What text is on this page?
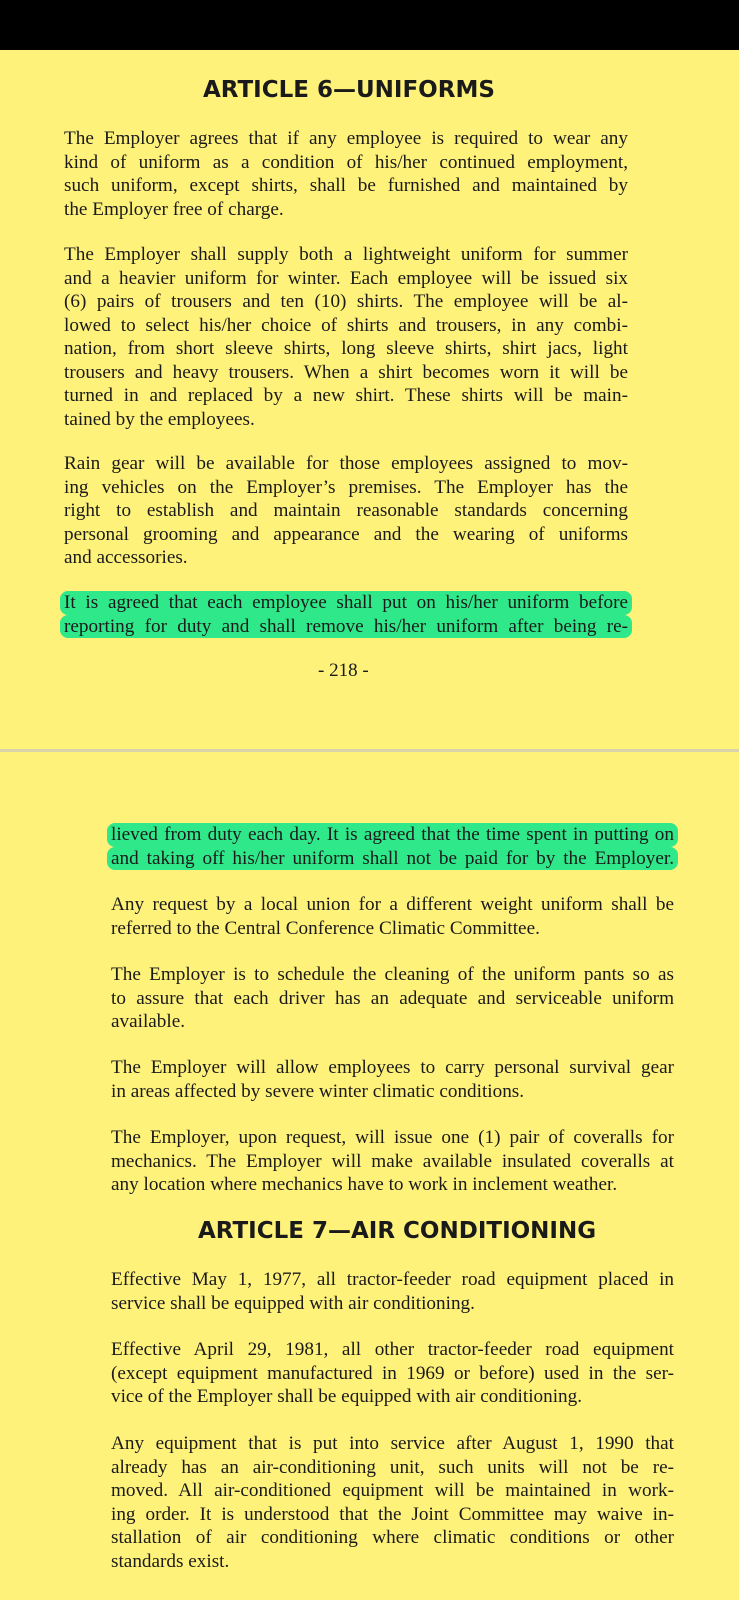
ARTICLE 6—UNIFORMS
The Employer agrees that if any employee is required to wear any
kind of uniform as a condition of his/her continued employment,
such uniform, except shirts, shall be furnished and maintained by
the Employer free of charge.
The Employer shall supply both a lightweight uniform for summer
and a heavier uniform for winter. Each employee will be issued six
(6) pairs of trousers and ten (10) shirts. The employee will be al-
lowed to select his/her choice of shirts and trousers, in any combi-
nation, from short sleeve shirts, long sleeve shirts, shirt jacs, light
trousers and heavy trousers. When a shirt becomes worn it will be
turned in and replaced by a new shirt. These shirts will be main-
tained by the employees.
Rain gear will be available for those employees assigned to mov-
ing vehicles on the Employer’s premises. The Employer has the
right to establish and maintain reasonable standards concerning
personal grooming and appearance and the wearing of uniforms
and accessories.
It is agreed that each employee shall put on his/her uniform before
reporting for duty and shall remove his/her uniform after being re-
- 218 -
lieved from duty each day. It is agreed that the time spent in putting on
and taking off his/her uniform shall not be paid for by the Employer.
Any request by a local union for a different weight uniform shall be
referred to the Central Conference Climatic Committee.
The Employer is to schedule the cleaning of the uniform pants so as
to assure that each driver has an adequate and serviceable uniform
available.
The Employer will allow employees to carry personal survival gear
in areas affected by severe winter climatic conditions.
The Employer, upon request, will issue one (1) pair of coveralls for
mechanics. The Employer will make available insulated coveralls at
any location where mechanics have to work in inclement weather.
ARTICLE 7—AIR CONDITIONING
Effective May 1, 1977, all tractor-feeder road equipment placed in
service shall be equipped with air conditioning.
Effective April 29, 1981, all other tractor-feeder road equipment
(except equipment manufactured in 1969 or before) used in the ser-
vice of the Employer shall be equipped with air conditioning.
Any equipment that is put into service after August 1, 1990 that
already has an air-conditioning unit, such units will not be re-
moved. All air-conditioned equipment will be maintained in work-
ing order. It is understood that the Joint Committee may waive in-
stallation of air conditioning where climatic conditions or other
standards exist.
